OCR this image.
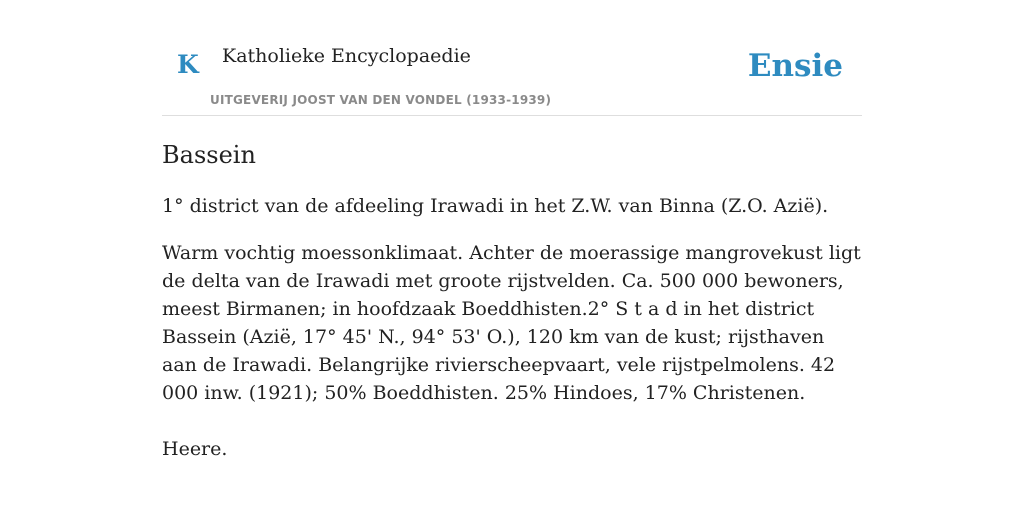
K Katholieke Encyclopaedie
UITGEVERIJ JOOST VAN DEN VONDEL (1933-1939)
Ensie
Bassein

1° district van de afdeeling Irawadi in het Z.W. van Binna (Z.O. Azië).

Warm vochtig moessonklimaat. Achter de moerassige mangrovekust ligt de delta van de Irawadi met groote rijstvelden. Ca. 500 000 bewoners, meest Birmanen; in hoofdzaak Boeddhisten.2° S t a d in het district Bassein (Azië, 17° 45' N., 94° 53' O.), 120 km van de kust; rijsthaven aan de Irawadi. Belangrijke rivierscheepvaart, vele rijstpelmolens. 42 000 inw. (1921); 50% Boeddhisten. 25% Hindoes, 17% Christenen.

Heere.
